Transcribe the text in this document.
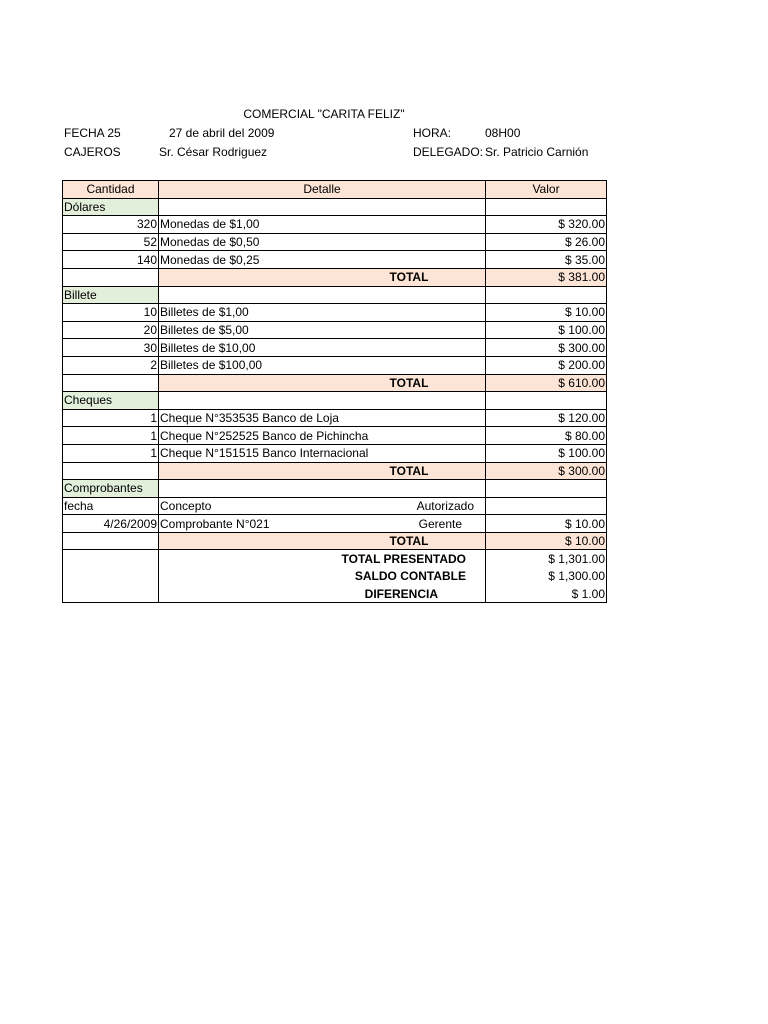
COMERCIAL "CARITA FELIZ"
FECHA 25	27 de abril del 2009	HORA:	08H00
CAJEROS	Sr. César Rodriguez	DELEGADO: Sr. Patricio Carnión
Cantidad	Detalle	Valor
Dólares		
320	Monedas de $1,00	$ 320.00
52	Monedas de $0,50	$ 26.00
140	Monedas de $0,25	$ 35.00
	TOTAL	$ 381.00
Billete		
10	Billetes de $1,00	$ 10.00
20	Billetes de $5,00	$ 100.00
30	Billetes de $10,00	$ 300.00
2	Billetes de $100,00	$ 200.00
	TOTAL	$ 610.00
Cheques		
1	Cheque N°353535 Banco de Loja	$ 120.00
1	Cheque N°252525 Banco de Pichincha	$ 80.00
1	Cheque N°151515 Banco Internacional	$ 100.00
	TOTAL	$ 300.00
Comprobantes		
fecha	Concepto Autorizado	

4/26/2009	Comprobante N°021 Gerente	$ 10.00
	TOTAL	$ 10.00

	TOTAL PRESENTADO	$ 1,301.00

	SALDO CONTABLE	$ 1,300.00

	DIFERENCIA	$ 1.00
